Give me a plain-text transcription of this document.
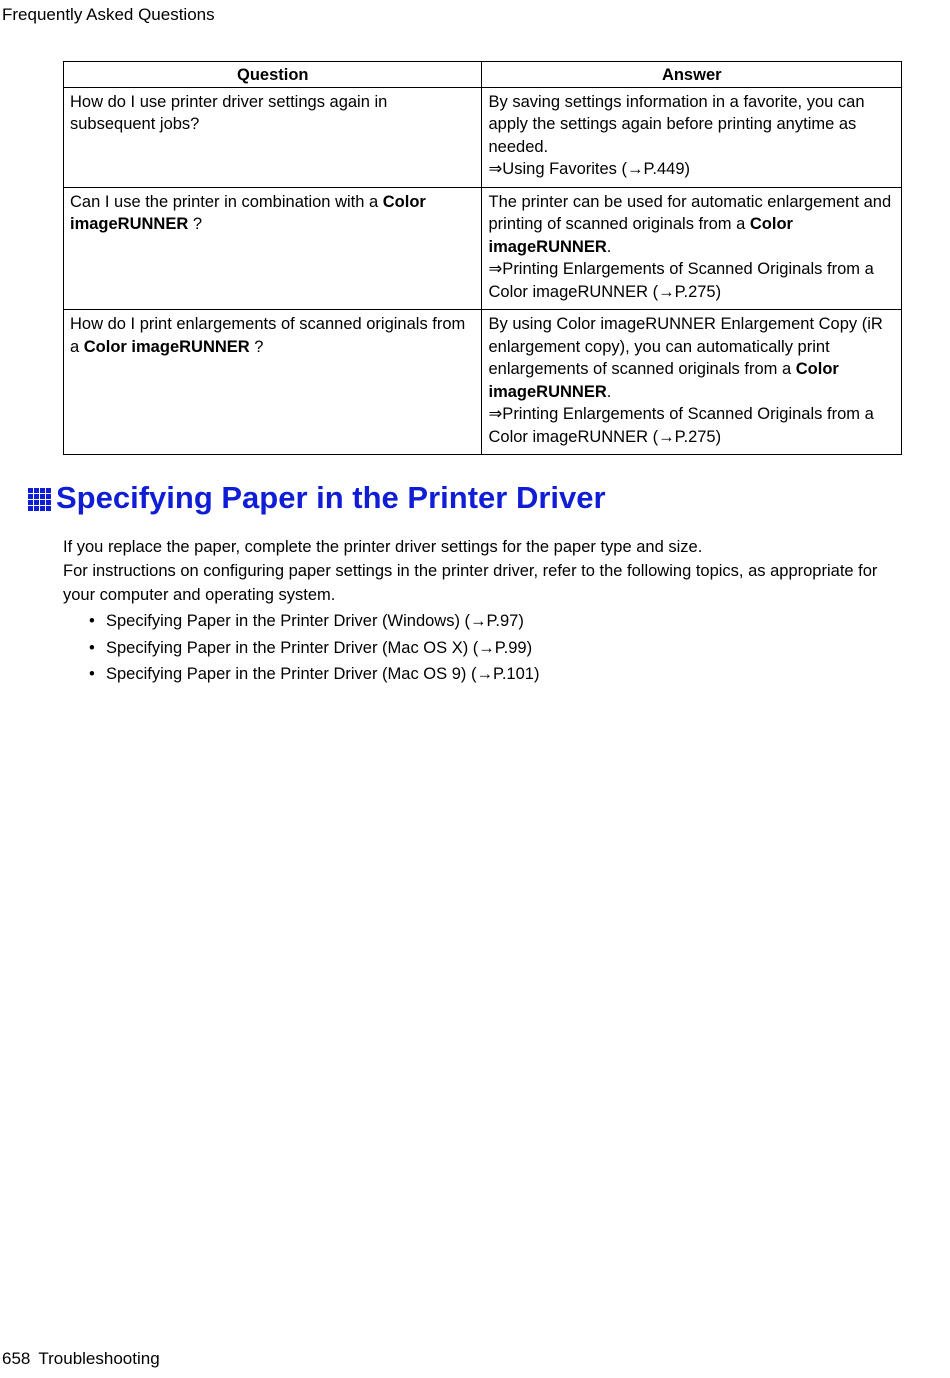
Frequently Asked Questions
Question	Answer
How do I use printer driver settings again in subsequent jobs?	By saving settings information in a favorite, you can apply the settings again before printing anytime as needed.
⇒Using Favorites (→P.449)

Can I use the printer in combination with a Color imageRUNNER ?	The printer can be used for automatic enlargement and printing of scanned originals from a Color imageRUNNER.
⇒Printing Enlargements of Scanned Originals from a Color imageRUNNER (→P.275)

How do I print enlargements of scanned originals from a Color imageRUNNER ?	By using Color imageRUNNER Enlargement Copy (iR enlargement copy), you can automatically print enlargements of scanned originals from a Color imageRUNNER.
⇒Printing Enlargements of Scanned Originals from a Color imageRUNNER (→P.275)
Specifying Paper in the Printer Driver

If you replace the paper, complete the printer driver settings for the paper type and size.

For instructions on configuring paper settings in the printer driver, refer to the following topics, as appropriate for your computer and operating system.

• Specifying Paper in the Printer Driver (Windows) (→P.97)
• Specifying Paper in the Printer Driver (Mac OS X) (→P.99)
• Specifying Paper in the Printer Driver (Mac OS 9) (→P.101)
658 Troubleshooting
